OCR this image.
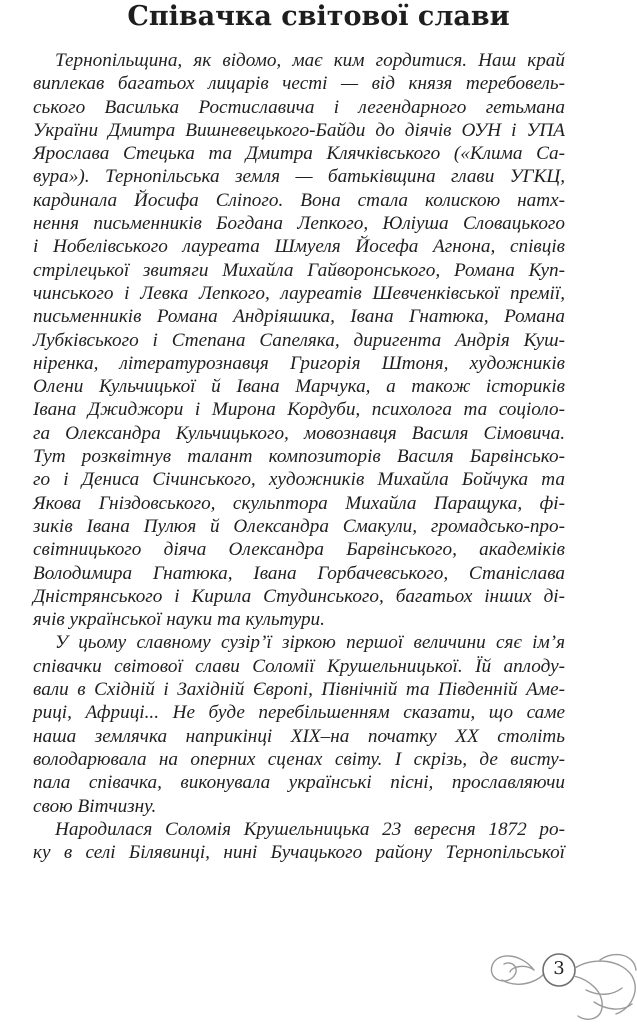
Співачка світової слави

Тернопільщина, як відомо, має ким гордитися. Наш край
виплекав багатьох лицарів честі — від князя теребовель-
ського Василька Ростиславича і легендарного гетьмана
України Дмитра Вишневецького-Байди до діячів ОУН і УПА
Ярослава Стецька та Дмитра Клячківського («Клима Са-
вура»). Тернопільська земля — батьківщина глави УГКЦ,
кардинала Йосифа Сліпого. Вона стала колискою натх-
нення письменників Богдана Лепкого, Юліуша Словацького
і Нобелівського лауреата Шмуеля Йосефа Агнона, співців
стрілецької звитяги Михайла Гайворонського, Романа Куп-
чинського і Левка Лепкого, лауреатів Шевченківської премії,
письменників Романа Андріяшика, Івана Гнатюка, Романа
Лубківського і Степана Сапеляка, диригента Андрія Куш-
ніренка, літературознавця Григорія Штоня, художників
Олени Кульчицької й Івана Марчука, а також істориків
Івана Джиджори і Мирона Кордуби, психолога та соціоло-
га Олександра Кульчицького, мовознавця Василя Сімовича.
Тут розквітнув талант композиторів Василя Барвінсько-
го і Дениса Січинського, художників Михайла Бойчука та
Якова Гніздовського, скульптора Михайла Паращука, фі-
зиків Івана Пулюя й Олександра Смакули, громадсько-про-
світницького діяча Олександра Барвінського, академіків
Володимира Гнатюка, Івана Горбачевського, Станіслава
Дністрянського і Кирила Студинського, багатьох інших ді-
ячів української науки та культури.

У цьому славному сузір’ї зіркою першої величини сяє ім’я
співачки світової слави Соломії Крушельницької. Їй аплоду-
вали в Східній і Західній Європі, Північній та Південній Аме-
риці, Африці... Не буде перебільшенням сказати, що саме
наша землячка наприкінці XIX–на початку XX століть
володарювала на оперних сценах світу. І скрізь, де висту-
пала співачка, виконувала українські пісні, прославляючи
свою Вітчизну.

Народилася Соломія Крушельницька 23 вересня 1872 ро-
ку в селі Білявинці, нині Бучацького району Тернопільської

3
